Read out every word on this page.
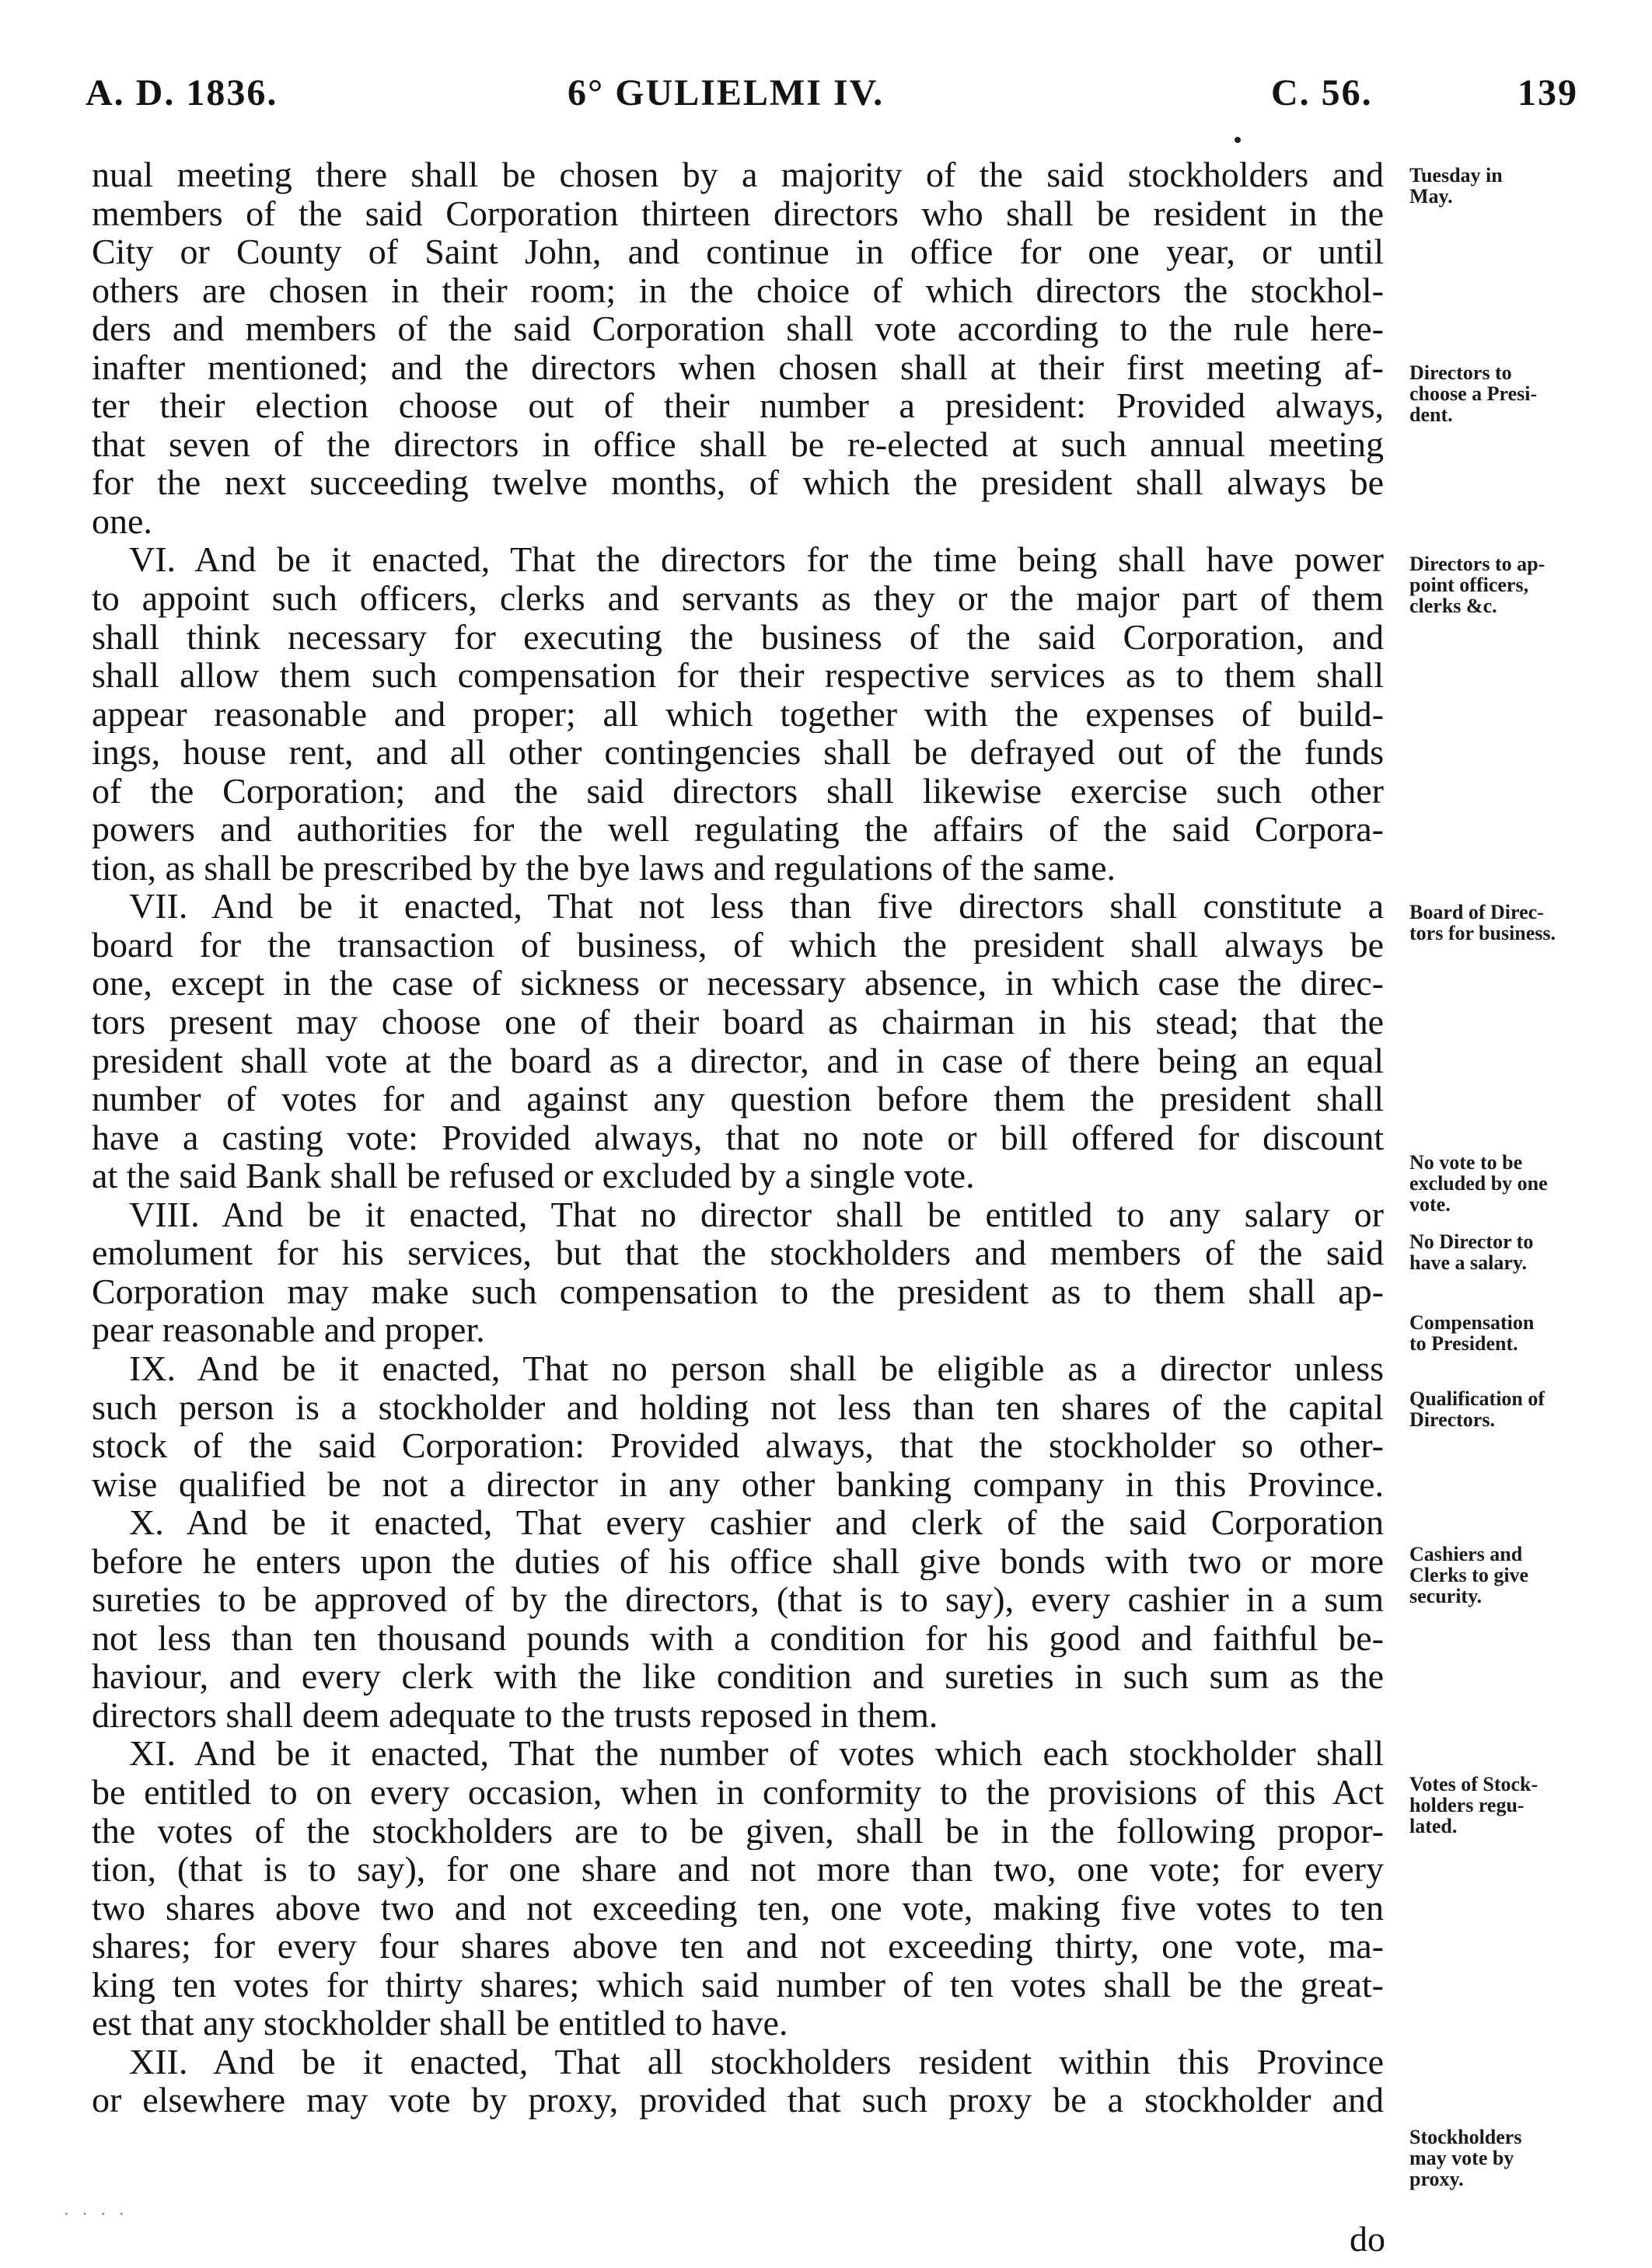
A. D. 1836.	6° GULIELMI IV.	C. 56.	139
nual meeting there shall be chosen by a majority of the said stockholders and
members of the said Corporation thirteen directors who shall be resident in the
City or County of Saint John, and continue in office for one year, or until
others are chosen in their room; in the choice of which directors the stockhol-
ders and members of the said Corporation shall vote according to the rule here-
inafter mentioned; and the directors when chosen shall at their first meeting af-
ter their election choose out of their number a president: Provided always,
that seven of the directors in office shall be re-elected at such annual meeting
for the next succeeding twelve months, of which the president shall always be
one.
VI. And be it enacted, That the directors for the time being shall have power
to appoint such officers, clerks and servants as they or the major part of them
shall think necessary for executing the business of the said Corporation, and
shall allow them such compensation for their respective services as to them shall
appear reasonable and proper; all which together with the expenses of build-
ings, house rent, and all other contingencies shall be defrayed out of the funds
of the Corporation; and the said directors shall likewise exercise such other
powers and authorities for the well regulating the affairs of the said Corpora-
tion, as shall be prescribed by the bye laws and regulations of the same.
VII. And be it enacted, That not less than five directors shall constitute a
board for the transaction of business, of which the president shall always be
one, except in the case of sickness or necessary absence, in which case the direc-
tors present may choose one of their board as chairman in his stead; that the
president shall vote at the board as a director, and in case of there being an equal
number of votes for and against any question before them the president shall
have a casting vote: Provided always, that no note or bill offered for discount
at the said Bank shall be refused or excluded by a single vote.
VIII. And be it enacted, That no director shall be entitled to any salary or
emolument for his services, but that the stockholders and members of the said
Corporation may make such compensation to the president as to them shall ap-
pear reasonable and proper.
IX. And be it enacted, That no person shall be eligible as a director unless
such person is a stockholder and holding not less than ten shares of the capital
stock of the said Corporation: Provided always, that the stockholder so other-
wise qualified be not a director in any other banking company in this Province.
X. And be it enacted, That every cashier and clerk of the said Corporation
before he enters upon the duties of his office shall give bonds with two or more
sureties to be approved of by the directors, (that is to say), every cashier in a sum
not less than ten thousand pounds with a condition for his good and faithful be-
haviour, and every clerk with the like condition and sureties in such sum as the
directors shall deem adequate to the trusts reposed in them.
XI. And be it enacted, That the number of votes which each stockholder shall
be entitled to on every occasion, when in conformity to the provisions of this Act
the votes of the stockholders are to be given, shall be in the following propor-
tion, (that is to say), for one share and not more than two, one vote; for every
two shares above two and not exceeding ten, one vote, making five votes to ten
shares; for every four shares above ten and not exceeding thirty, one vote, ma-
king ten votes for thirty shares; which said number of ten votes shall be the great-
est that any stockholder shall be entitled to have.
XII. And be it enacted, That all stockholders resident within this Province
or elsewhere may vote by proxy, provided that such proxy be a stockholder and
Tuesday in
May.
Directors to
choose a Presi-
dent.
Directors to ap-
point officers,
clerks &c.
Board of Direc-
tors for business.
No vote to be
excluded by one
vote.
No Director to
have a salary.
Compensation
to President.
Qualification of
Directors.
Cashiers and
Clerks to give
security.
Votes of Stock-
holders regu-
lated.
Stockholders
may vote by
proxy.
do
· · · ·
